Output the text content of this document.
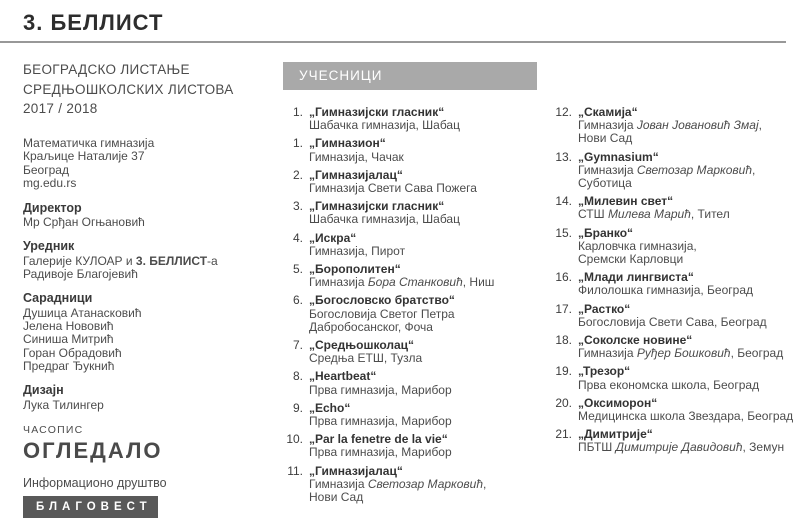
3. БЕЛЛИСТ
БЕОГРАДСКО ЛИСТАЊЕ
СРЕДЊОШКОЛСКИХ ЛИСТОВА
2017 / 2018
Математичка гимназија
Краљице Наталије 37
Београд
mg.edu.rs
Директор
Мр Срђан Огњановић
Уредник
Галерије КУЛОАР и 3. БЕЛЛИСТ-а
Радивоје Благојевић
Сарадници
Душица Атанасковић
Јелена Нововић
Синиша Митрић
Горан Обрадовић
Предраг Ђукнић
Дизајн
Лука Тилингер
ЧАСОПИС
ОГЛЕДАЛО
Информационо друштво
БЛАГОВЕСТ
УЧЕСНИЦИ
1. „Гимназијски гласник“
Шабачка гимназија, Шабац
1. „Гимназион“
Гимназија, Чачак
2. „Гимназијалац“
Гимназија Свети Сава Пожега
3. „Гимназијски гласник“
Шабачка гимназија, Шабац
4. „Искра“
Гимназија, Пирот
5. „Борополитен“
Гимназија Бора Станковић, Ниш
6. „Богословско братство“
Богословија Светог Петра
Дабробосанског, Фоча
7. „Средњошколац“
Средња ЕТШ, Тузла
8. „Heartbeat“
Прва гимназија, Марибор
9. „Echo“
Прва гимназија, Марибор
10. „Par la fenetre de la vie“
Прва гимназија, Марибор
11. „Гимназијалац“
Гимназија Светозар Марковић,
Нови Сад
12. „Скамија“
Гимназија Јован Јовановић Змај,
Нови Сад
13. „Gymnasium“
Гимназија Светозар Марковић,
Суботица
14. „Милевин свет“
СТШ Милева Марић, Тител
15. „Бранко“
Карловчка гимназија,
Сремски Карловци
16. „Млади лингвиста“
Филолошка гимназија, Београд
17. „Растко“
Богословија Свети Сава, Београд
18. „Соколске новине“
Гимназија Руђер Бошковић, Београд
19. „Трезор“
Прва економска школа, Београд
20. „Оксиморон“
Медицинска школа Звездара, Београд
21. „Димитрије“
ПБТШ Димитрије Давидовић, Земун
